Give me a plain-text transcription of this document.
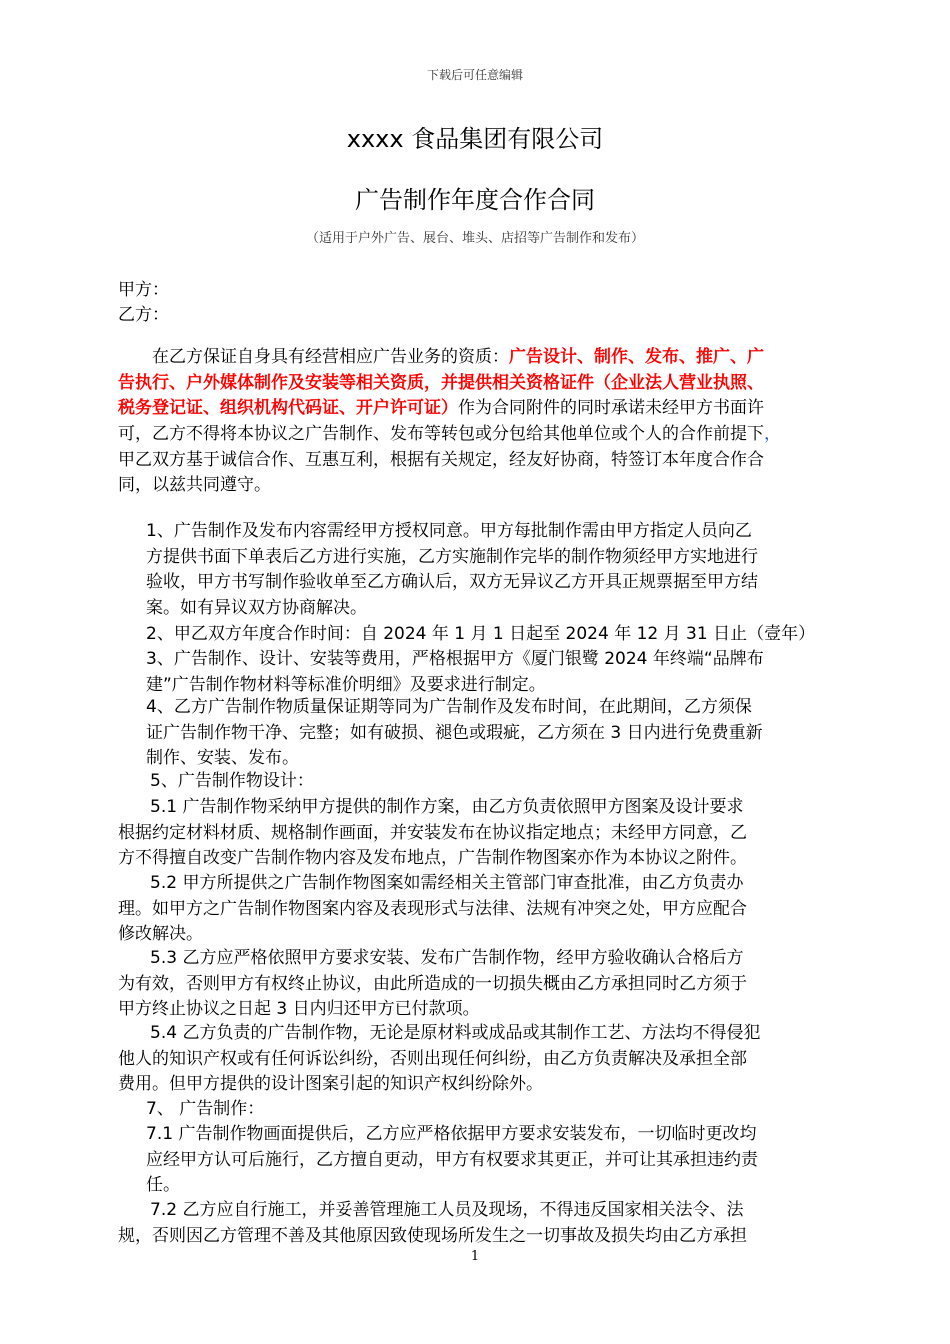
下载后可任意编辑
xxxx 食品集团有限公司
广告制作年度合作合同
（适用于户外广告、展台、堆头、店招等广告制作和发布）
甲方：
乙方：
在乙方保证自身具有经营相应广告业务的资质：广告设计、制作、发布、推广、广
告执行、户外媒体制作及安装等相关资质，并提供相关资格证件（企业法人营业执照、
税务登记证、组织机构代码证、开户许可证）作为合同附件的同时承诺未经甲方书面许
可，乙方不得将本协议之广告制作、发布等转包或分包给其他单位或个人的合作前提下，
甲乙双方基于诚信合作、互惠互利，根据有关规定，经友好协商，特签订本年度合作合
同，以兹共同遵守。
1、广告制作及发布内容需经甲方授权同意。甲方每批制作需由甲方指定人员向乙
方提供书面下单表后乙方进行实施，乙方实施制作完毕的制作物须经甲方实地进行
验收，甲方书写制作验收单至乙方确认后，双方无异议乙方开具正规票据至甲方结
案。如有异议双方协商解决。
2、甲乙双方年度合作时间：自 2024 年 1 月 1 日起至 2024 年 12 月 31 日止（壹年）
3、广告制作、设计、安装等费用，严格根据甲方《厦门银鹭 2024 年终端“品牌布
建”广告制作物材料等标准价明细》及要求进行制定。
4、乙方广告制作物质量保证期等同为广告制作及发布时间，在此期间，乙方须保
证广告制作物干净、完整；如有破损、褪色或瑕疵，乙方须在 3 日内进行免费重新
制作、安装、发布。
5、广告制作物设计：
5.1 广告制作物采纳甲方提供的制作方案，由乙方负责依照甲方图案及设计要求
根据约定材料材质、规格制作画面，并安装发布在协议指定地点；未经甲方同意，乙
方不得擅自改变广告制作物内容及发布地点，广告制作物图案亦作为本协议之附件。
5.2 甲方所提供之广告制作物图案如需经相关主管部门审查批准，由乙方负责办
理。如甲方之广告制作物图案内容及表现形式与法律、法规有冲突之处，甲方应配合
修改解决。
5.3 乙方应严格依照甲方要求安装、发布广告制作物，经甲方验收确认合格后方
为有效，否则甲方有权终止协议，由此所造成的一切损失概由乙方承担同时乙方须于
甲方终止协议之日起 3 日内归还甲方已付款项。
5.4 乙方负责的广告制作物，无论是原材料或成品或其制作工艺、方法均不得侵犯
他人的知识产权或有任何诉讼纠纷，否则出现任何纠纷，由乙方负责解决及承担全部
费用。但甲方提供的设计图案引起的知识产权纠纷除外。
7、 广告制作：
7.1 广告制作物画面提供后，乙方应严格依据甲方要求安装发布，一切临时更改均
应经甲方认可后施行，乙方擅自更动，甲方有权要求其更正，并可让其承担违约责
任。
7.2 乙方应自行施工，并妥善管理施工人员及现场，不得违反国家相关法令、法
规，否则因乙方管理不善及其他原因致使现场所发生之一切事故及损失均由乙方承担
1
